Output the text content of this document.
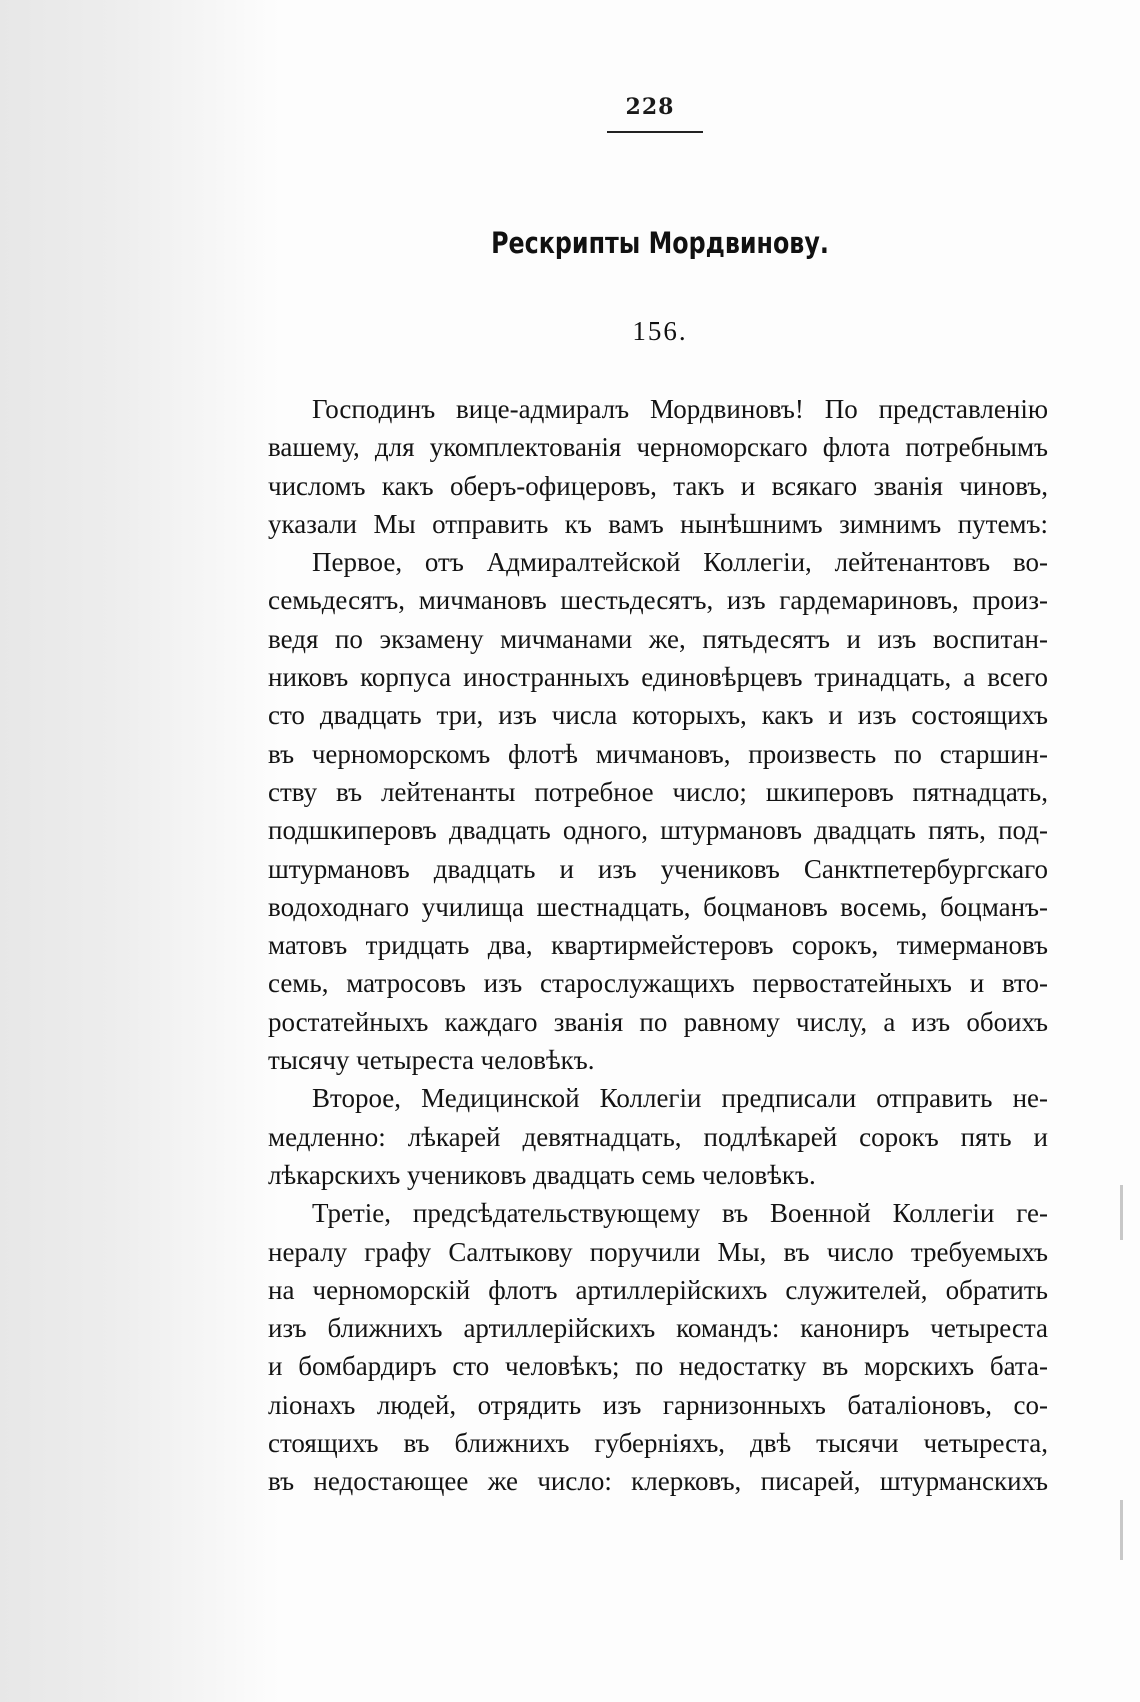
228
Рескрипты Мордвинову.
156.
Господинъ вице-адмиралъ Мордвиновъ! По представленію
вашему, для укомплектованія черноморскаго флота потребнымъ
числомъ какъ оберъ-офицеровъ, такъ и всякаго званія чиновъ,
указали Мы отправить къ вамъ нынѣшнимъ зимнимъ путемъ:
Первое, отъ Адмиралтейской Коллегіи, лейтенантовъ во-
семьдесятъ, мичмановъ шестьдесятъ, изъ гардемариновъ, произ-
ведя по экзамену мичманами же, пятьдесятъ и изъ воспитан-
никовъ корпуса иностранныхъ единовѣрцевъ тринадцать, а всего
сто двадцать три, изъ числа которыхъ, какъ и изъ состоящихъ
въ черноморскомъ флотѣ мичмановъ, произвесть по старшин-
ству въ лейтенанты потребное число; шкиперовъ пятнадцать,
подшкиперовъ двадцать одного, штурмановъ двадцать пять, под-
штурмановъ двадцать и изъ учениковъ Санктпетербургскаго
водоходнаго училища шестнадцать, боцмановъ восемь, боцманъ-
матовъ тридцать два, квартирмейстеровъ сорокъ, тимермановъ
семь, матросовъ изъ старослужащихъ первостатейныхъ и вто-
ростатейныхъ каждаго званія по равному числу, а изъ обоихъ
тысячу четыреста человѣкъ.
Второе, Медицинской Коллегіи предписали отправить не-
медленно: лѣкарей девятнадцать, подлѣкарей сорокъ пять и
лѣкарскихъ учениковъ двадцать семь человѣкъ.
Третіе, предсѣдательствующему въ Военной Коллегіи ге-
нералу графу Салтыкову поручили Мы, въ число требуемыхъ
на черноморскій флотъ артиллерійскихъ служителей, обратить
изъ ближнихъ артиллерійскихъ командъ: канониръ четыреста
и бомбардиръ сто человѣкъ; по недостатку въ морскихъ бата-
ліонахъ людей, отрядить изъ гарнизонныхъ баталіоновъ, со-
стоящихъ въ ближнихъ губерніяхъ, двѣ тысячи четыреста,
въ недостающее же число: клерковъ, писарей, штурманскихъ
